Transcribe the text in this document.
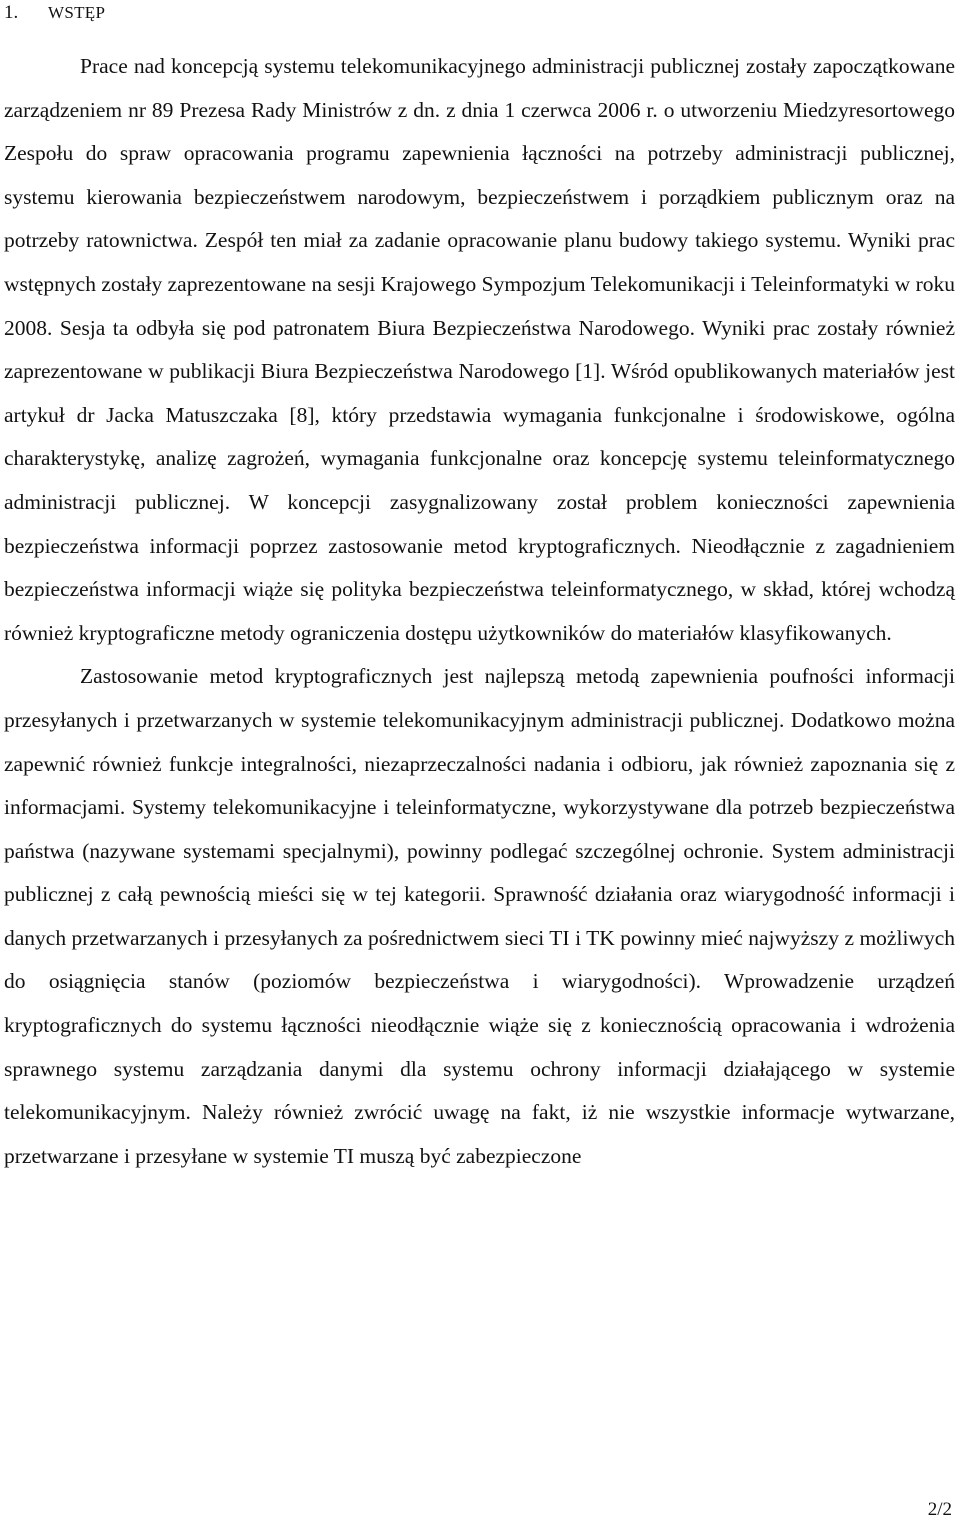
1. WSTĘP

Prace nad koncepcją systemu telekomunikacyjnego administracji publicznej zostały zapoczątkowane zarządzeniem nr 89 Prezesa Rady Ministrów z dn. z dnia 1 czerwca 2006 r. o utworzeniu Miedzyresortowego Zespołu do spraw opracowania programu zapewnienia łączności na potrzeby administracji publicznej, systemu kierowania bezpieczeństwem narodowym, bezpieczeństwem i porządkiem publicznym oraz na potrzeby ratownictwa. Zespół ten miał za zadanie opracowanie planu budowy takiego systemu. Wyniki prac wstępnych zostały zaprezentowane na sesji Krajowego Sympozjum Telekomunikacji i Teleinformatyki w roku 2008. Sesja ta odbyła się pod patronatem Biura Bezpieczeństwa Narodowego. Wyniki prac zostały również zaprezentowane w publikacji Biura Bezpieczeństwa Narodowego [1]. Wśród opublikowanych materiałów jest artykuł dr Jacka Matuszczaka [8], który przedstawia wymagania funkcjonalne i środowiskowe, ogólna charakterystykę, analizę zagrożeń, wymagania funkcjonalne oraz koncepcję systemu teleinformatycznego administracji publicznej. W koncepcji zasygnalizowany został problem konieczności zapewnienia bezpieczeństwa informacji poprzez zastosowanie metod kryptograficznych. Nieodłącznie z zagadnieniem bezpieczeństwa informacji wiąże się polityka bezpieczeństwa teleinformatycznego, w skład, której wchodzą również kryptograficzne metody ograniczenia dostępu użytkowników do materiałów klasyfikowanych.

Zastosowanie metod kryptograficznych jest najlepszą metodą zapewnienia poufności informacji przesyłanych i przetwarzanych w systemie telekomunikacyjnym administracji publicznej. Dodatkowo można zapewnić również funkcje integralności, niezaprzeczalności nadania i odbioru, jak również zapoznania się z informacjami. Systemy telekomunikacyjne i teleinformatyczne, wykorzystywane dla potrzeb bezpieczeństwa państwa (nazywane systemami specjalnymi), powinny podlegać szczególnej ochronie. System administracji publicznej z całą pewnością mieści się w tej kategorii. Sprawność działania oraz wiarygodność informacji i danych przetwarzanych i przesyłanych za pośrednictwem sieci TI i TK powinny mieć najwyższy z możliwych do osiągnięcia stanów (poziomów bezpieczeństwa i wiarygodności). Wprowadzenie urządzeń kryptograficznych do systemu łączności nieodłącznie wiąże się z koniecznością opracowania i wdrożenia sprawnego systemu zarządzania danymi dla systemu ochrony informacji działającego w systemie telekomunikacyjnym. Należy również zwrócić uwagę na fakt, iż nie wszystkie informacje wytwarzane, przetwarzane i przesyłane w systemie TI muszą być zabezpieczone

2/2
